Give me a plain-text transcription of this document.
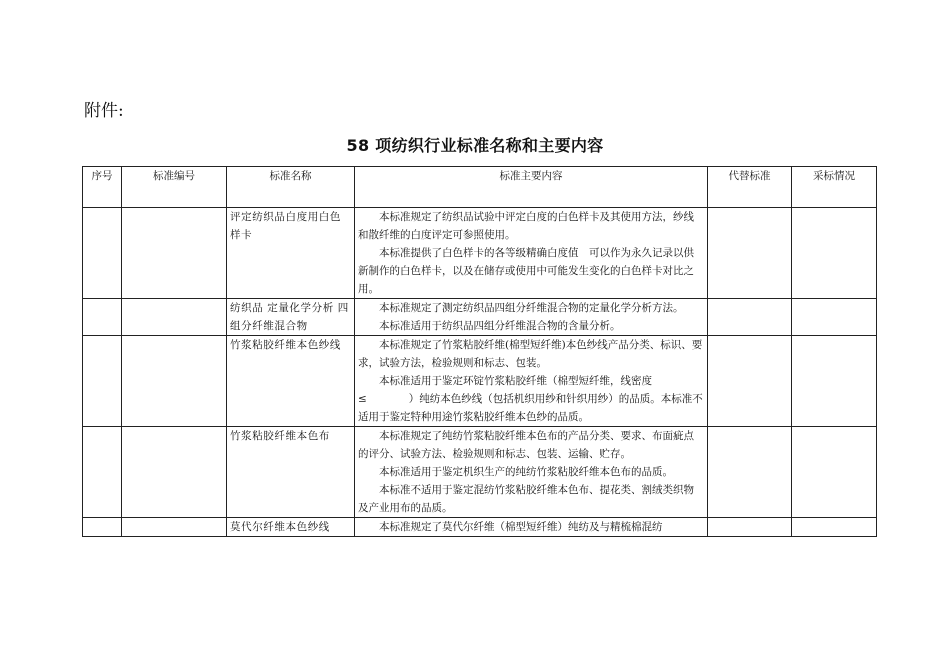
附件:
58 项纺织行业标准名称和主要内容
序号	标准编号	标准名称	标准主要内容	代替标准	采标情况
		评定纺织品白度用白色样卡	本标准规定了纺织品试验中评定白度的白色样卡及其使用方法，纱线和散纤维的白度评定可参照使用。

本标准提供了白色样卡的各等级精确白度值　可以作为永久记录以供新制作的白色样卡，以及在储存或使用中可能发生变化的白色样卡对比之用。		

		纺织品 定量化学分析 四组分纤维混合物	本标准规定了测定纺织品四组分纤维混合物的定量化学分析方法。

本标准适用于纺织品四组分纤维混合物的含量分析。		

		竹浆粘胶纤维本色纱线	本标准规定了竹浆粘胶纤维(棉型短纤维)本色纱线产品分类、标识、要求，试验方法，检验规则和标志、包装。

本标准适用于鉴定环锭竹浆粘胶纤维（棉型短纤维，线密度≤　　　　）纯纺本色纱线（包括机织用纱和针织用纱）的品质。本标准不适用于鉴定特种用途竹浆粘胶纤维本色纱的品质。		

		竹浆粘胶纤维本色布	本标准规定了纯纺竹浆粘胶纤维本色布的产品分类、要求、布面疵点的评分、试验方法、检验规则和标志、包装、运输、贮存。

本标准适用于鉴定机织生产的纯纺竹浆粘胶纤维本色布的品质。

本标准不适用于鉴定混纺竹浆粘胶纤维本色布、提花类、割绒类织物及产业用布的品质。		

		莫代尔纤维本色纱线	本标准规定了莫代尔纤维（棉型短纤维）纯纺及与精梳棉混纺		
